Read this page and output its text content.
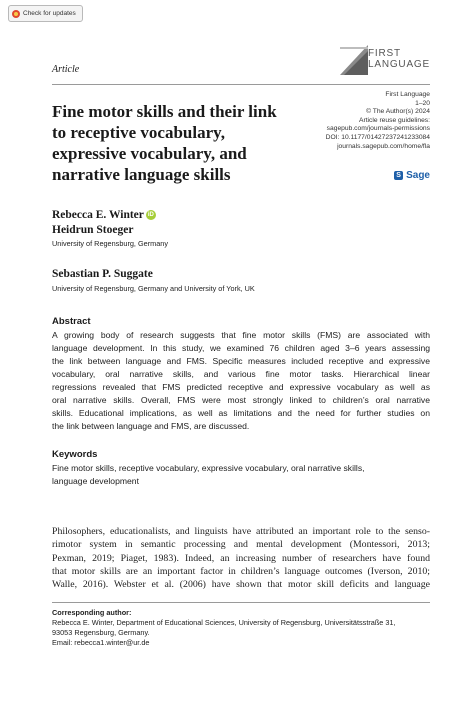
Check for updates
Article
FIRST
LANGUAGE
Fine motor skills and their link to receptive vocabulary, expressive vocabulary, and narrative language skills
First Language
1–20
© The Author(s) 2024
Article reuse guidelines:
sagepub.com/journals-permissions
DOI: 10.1177/01427237241233084
journals.sagepub.com/home/fla
S Sage
Rebecca E. Winter iD
Heidrun Stoeger
University of Regensburg, Germany
Sebastian P. Suggate
University of Regensburg, Germany and University of York, UK
Abstract
A growing body of research suggests that fine motor skills (FMS) are associated with
language development. In this study, we examined 76 children aged 3–6 years assessing
the link between language and FMS. Specific measures included receptive and expressive
vocabulary, oral narrative skills, and various fine motor tasks. Hierarchical linear
regressions revealed that FMS predicted receptive and expressive vocabulary as well as
oral narrative skills. Overall, FMS were most strongly linked to children’s oral narrative
skills. Educational implications, as well as limitations and the need for further studies on
the link between language and FMS, are discussed.
Keywords
Fine motor skills, receptive vocabulary, expressive vocabulary, oral narrative skills,
language development
Philosophers, educationalists, and linguists have attributed an important role to the senso-
rimotor system in semantic processing and mental development (Montessori, 2013;
Pexman, 2019; Piaget, 1983). Indeed, an increasing number of researchers have found
that motor skills are an important factor in children’s language outcomes (Iverson, 2010;
Walle, 2016). Webster et al. (2006) have shown that motor skill deficits and language
Corresponding author:
Rebecca E. Winter, Department of Educational Sciences, University of Regensburg, Universitätsstraße 31,
93053 Regensburg, Germany.
Email: rebecca1.winter@ur.de
